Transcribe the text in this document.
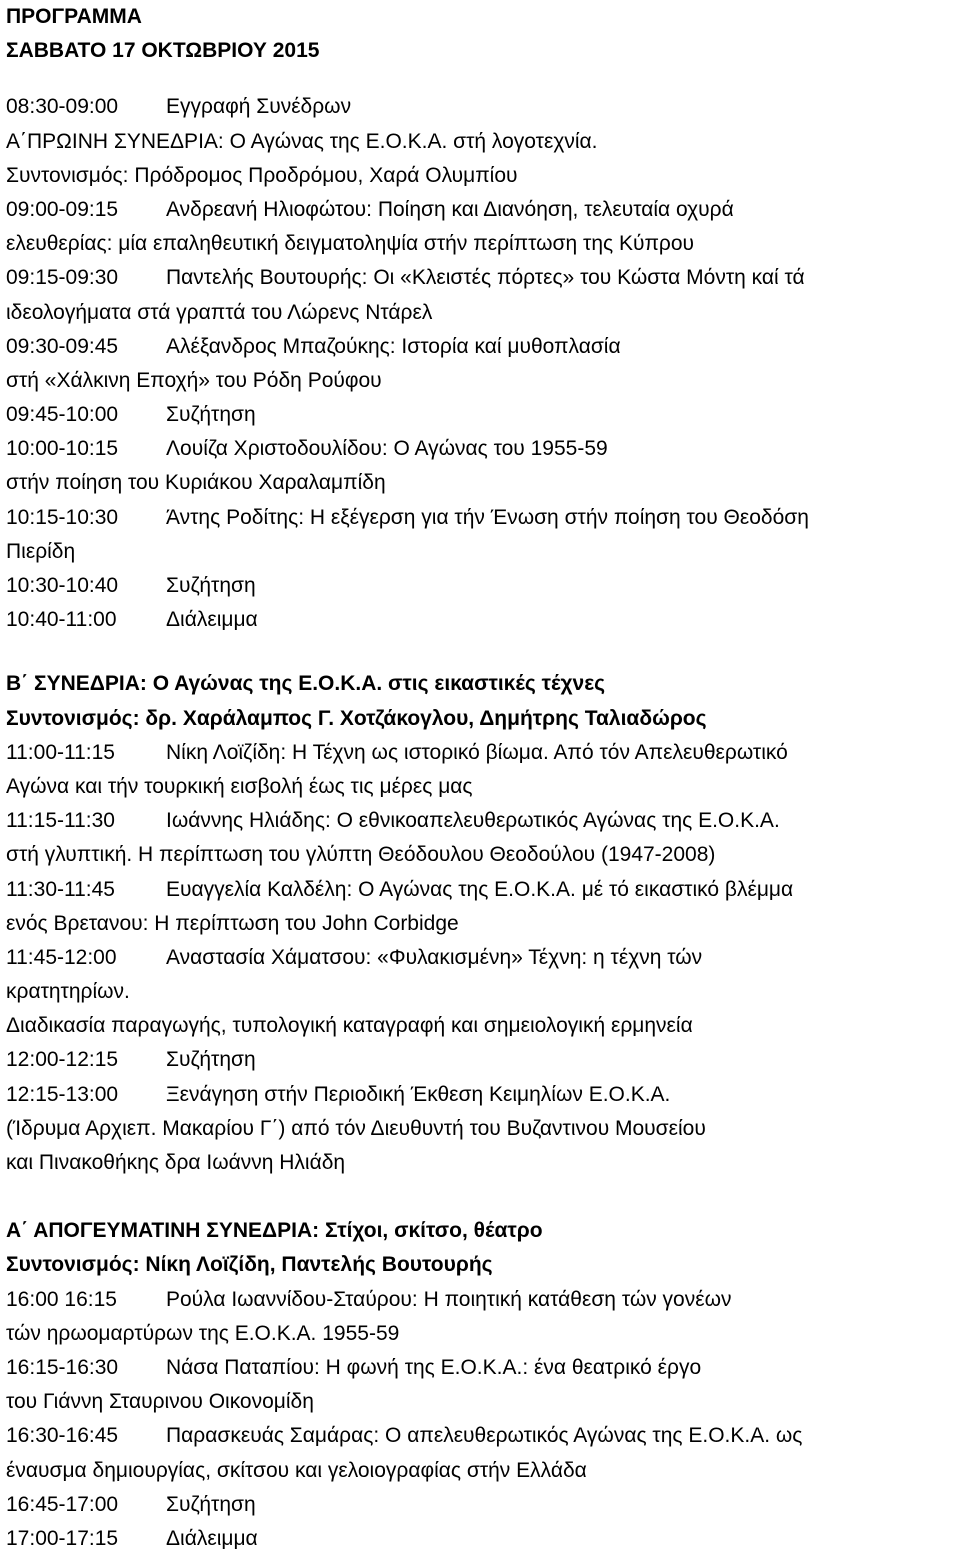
ΠΡΟΓΡΑΜΜΑ
ΣΑΒΒΑΤΟ 17 ΟΚΤΩΒΡΙΟΥ 2015
08:30-09:00 Εγγραφή Συνέδρων
Α΄ΠΡΩΙΝΗ ΣΥΝΕΔΡΙΑ: Ο Αγώνας της Ε.Ο.Κ.Α. στή λογοτεχνία.
Συντονισμός: Πρόδρομος Προδρόμου, Χαρά Ολυμπίου
09:00-09:15 Ανδρεανή Ηλιοφώτου: Ποίηση και Διανόηση, τελευταία οχυρά
ελευθερίας: μία επαληθευτική δειγματοληψία στήν περίπτωση της Κύπρου
09:15-09:30 Παντελής Βουτουρής: Οι «Κλειστές πόρτες» του Κώστα Μόντη καί τά
ιδεολογήματα στά γραπτά του Λώρενς Ντάρελ
09:30-09:45 Αλέξανδρος Μπαζούκης: Ιστορία καί μυθοπλασία
στή «Χάλκινη Εποχή» του Ρόδη Ρούφου
09:45-10:00 Συζήτηση
10:00-10:15 Λουίζα Χριστοδουλίδου: Ο Αγώνας του 1955-59
στήν ποίηση του Κυριάκου Χαραλαμπίδη
10:15-10:30 Άντης Ροδίτης: Η εξέγερση για τήν Ένωση στήν ποίηση του Θεοδόση
Πιερίδη
10:30-10:40 Συζήτηση
10:40-11:00 Διάλειμμα
Β΄ ΣΥΝΕΔΡΙΑ: Ο Αγώνας της Ε.Ο.Κ.Α. στις εικαστικές τέχνες
Συντονισμός: δρ. Χαράλαμπος Γ. Χοτζάκογλου, Δημήτρης Ταλιαδώρος
11:00-11:15 Νίκη Λοϊζίδη: Η Τέχνη ως ιστορικό βίωμα. Από τόν Απελευθερωτικό
Αγώνα και τήν τουρκική εισβολή έως τις μέρες μας
11:15-11:30 Ιωάννης Ηλιάδης: Ο εθνικοαπελευθερωτικός Αγώνας της Ε.Ο.Κ.Α.
στή γλυπτική. Η περίπτωση του γλύπτη Θεόδουλου Θεοδούλου (1947-2008)
11:30-11:45 Ευαγγελία Καλδέλη: Ο Αγώνας της Ε.Ο.Κ.Α. μέ τό εικαστικό βλέμμα
ενός Βρετανου: Η περίπτωση του John Corbidge
11:45-12:00 Αναστασία Χάματσου: «Φυλακισμένη» Τέχνη: η τέχνη τών
κρατητηρίων.
Διαδικασία παραγωγής, τυπολογική καταγραφή και σημειολογική ερμηνεία
12:00-12:15 Συζήτηση
12:15-13:00 Ξενάγηση στήν Περιοδική Έκθεση Κειμηλίων Ε.Ο.Κ.Α.
(Ίδρυμα Αρχιεπ. Μακαρίου Γ΄) από τόν Διευθυντή του Βυζαντινου Μουσείου
και Πινακοθήκης δρα Ιωάννη Ηλιάδη
Α΄ ΑΠΟΓΕΥΜΑΤΙΝΗ ΣΥΝΕΔΡΙΑ: Στίχοι, σκίτσο, θέατρο
Συντονισμός: Νίκη Λοϊζίδη, Παντελής Βουτουρής
16:00 16:15 Ρούλα Ιωαννίδου-Σταύρου: Η ποιητική κατάθεση τών γονέων
τών ηρωομαρτύρων της Ε.Ο.Κ.Α. 1955-59
16:15-16:30 Νάσα Παταπίου: Η φωνή της Ε.Ο.Κ.Α.: ένα θεατρικό έργο
του Γιάννη Σταυρινου Οικονομίδη
16:30-16:45 Παρασκευάς Σαμάρας: Ο απελευθερωτικός Αγώνας της Ε.Ο.Κ.Α. ως
έναυσμα δημιουργίας, σκίτσου και γελοιογραφίας στήν Ελλάδα
16:45-17:00 Συζήτηση
17:00-17:15 Διάλειμμα
